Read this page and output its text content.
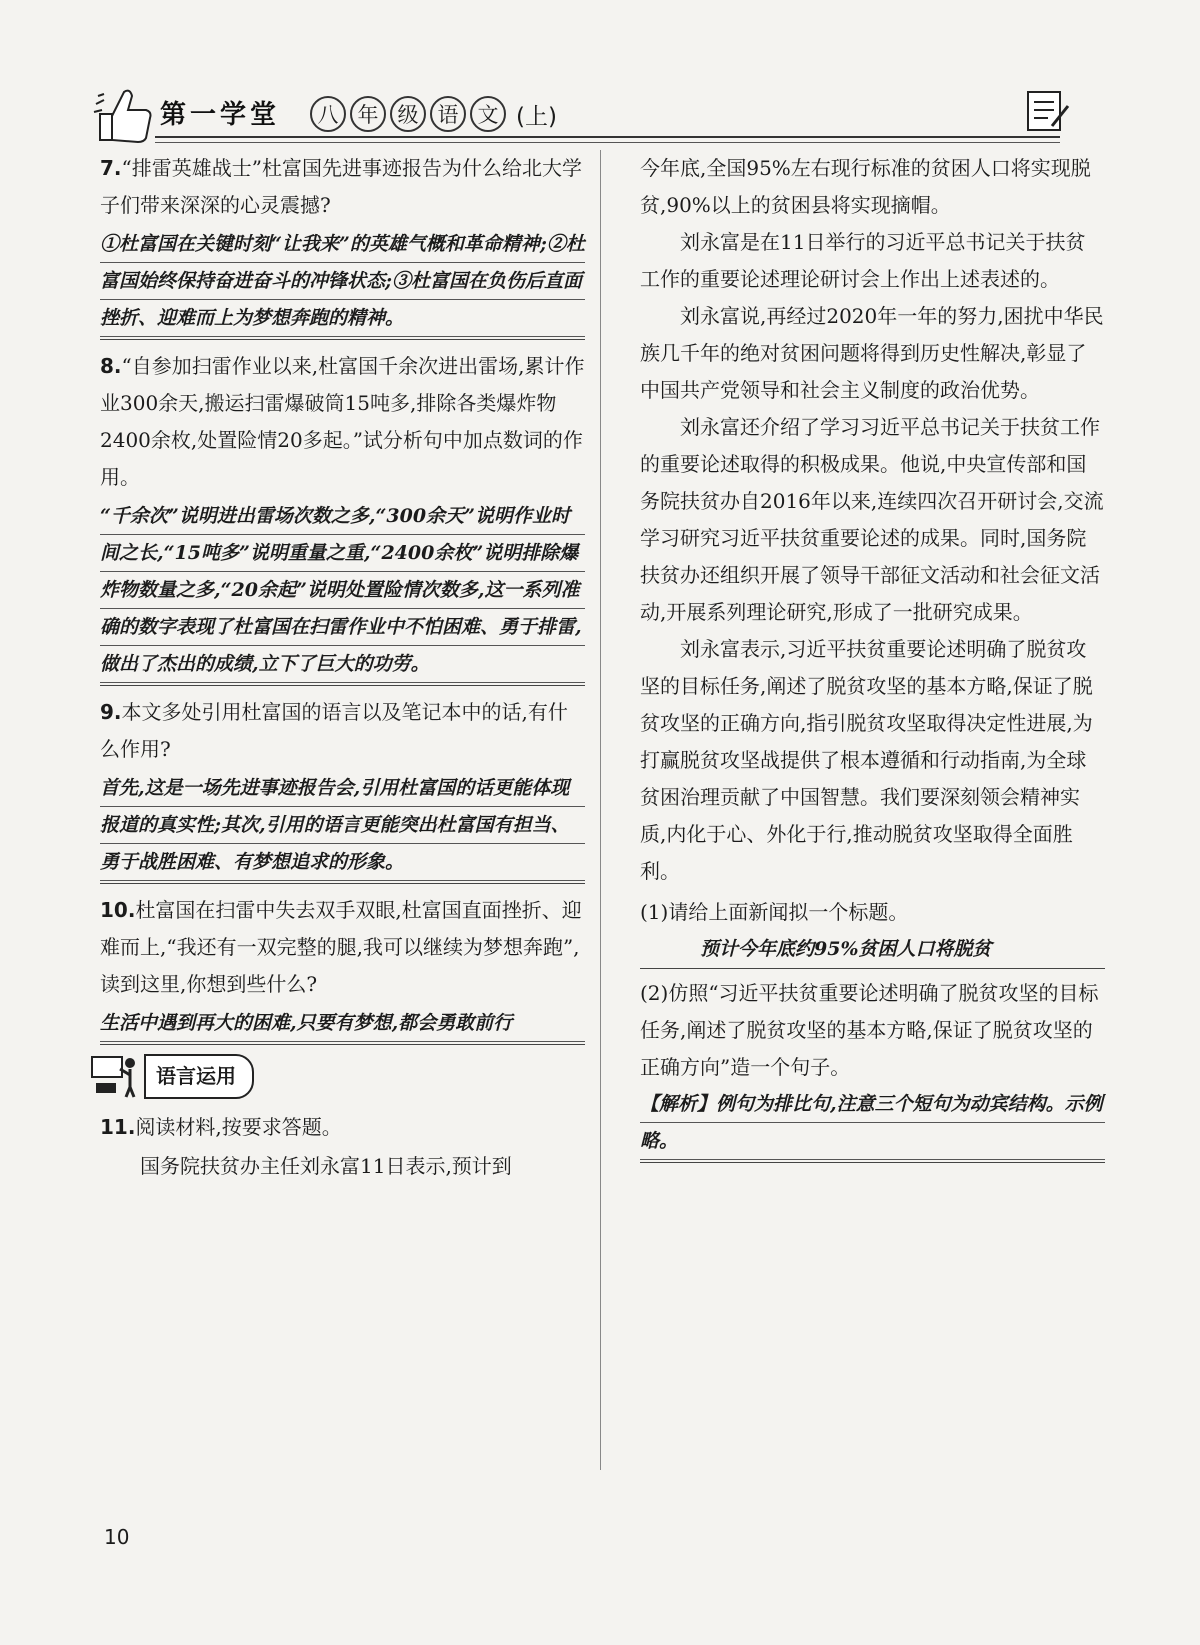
第一学堂	八 年 级 语 文 (上)

7.“排雷英雄战士”杜富国先进事迹报告为什么给北大学子们带来深深的心灵震撼?

①杜富国在关键时刻“让我来”的英雄气概和革命精神;②杜富国始终保持奋进奋斗的冲锋状态;③杜富国在负伤后直面挫折、迎难而上为梦想奔跑的精神。

8.“自参加扫雷作业以来,杜富国千余次进出雷场,累计作业300余天,搬运扫雷爆破筒15吨多,排除各类爆炸物2400余枚,处置险情20多起。”试分析句中加点数词的作用。

“千余次”说明进出雷场次数之多,“300余天”说明作业时间之长,“15吨多”说明重量之重,“2400余枚”说明排除爆炸物数量之多,“20余起”说明处置险情次数多,这一系列准确的数字表现了杜富国在扫雷作业中不怕困难、勇于排雷,做出了杰出的成绩,立下了巨大的功劳。

9.本文多处引用杜富国的语言以及笔记本中的话,有什么作用?

首先,这是一场先进事迹报告会,引用杜富国的话更能体现报道的真实性;其次,引用的语言更能突出杜富国有担当、勇于战胜困难、有梦想追求的形象。

10.杜富国在扫雷中失去双手双眼,杜富国直面挫折、迎难而上,“我还有一双完整的腿,我可以继续为梦想奔跑”,读到这里,你想到些什么?

生活中遇到再大的困难,只要有梦想,都会勇敢前行
语言运用

11.阅读材料,按要求答题。

国务院扶贫办主任刘永富11日表示,预计到

今年底,全国95%左右现行标准的贫困人口将实现脱贫,90%以上的贫困县将实现摘帽。

刘永富是在11日举行的习近平总书记关于扶贫工作的重要论述理论研讨会上作出上述表述的。

刘永富说,再经过2020年一年的努力,困扰中华民族几千年的绝对贫困问题将得到历史性解决,彰显了中国共产党领导和社会主义制度的政治优势。

刘永富还介绍了学习习近平总书记关于扶贫工作的重要论述取得的积极成果。他说,中央宣传部和国务院扶贫办自2016年以来,连续四次召开研讨会,交流学习研究习近平扶贫重要论述的成果。同时,国务院扶贫办还组织开展了领导干部征文活动和社会征文活动,开展系列理论研究,形成了一批研究成果。

刘永富表示,习近平扶贫重要论述明确了脱贫攻坚的目标任务,阐述了脱贫攻坚的基本方略,保证了脱贫攻坚的正确方向,指引脱贫攻坚取得决定性进展,为打赢脱贫攻坚战提供了根本遵循和行动指南,为全球贫困治理贡献了中国智慧。我们要深刻领会精神实质,内化于心、外化于行,推动脱贫攻坚取得全面胜利。

(1)请给上面新闻拟一个标题。

预计今年底约95%贫困人口将脱贫

(2)仿照“习近平扶贫重要论述明确了脱贫攻坚的目标任务,阐述了脱贫攻坚的基本方略,保证了脱贫攻坚的正确方向”造一个句子。

【解析】例句为排比句,注意三个短句为动宾结构。示例略。
10
